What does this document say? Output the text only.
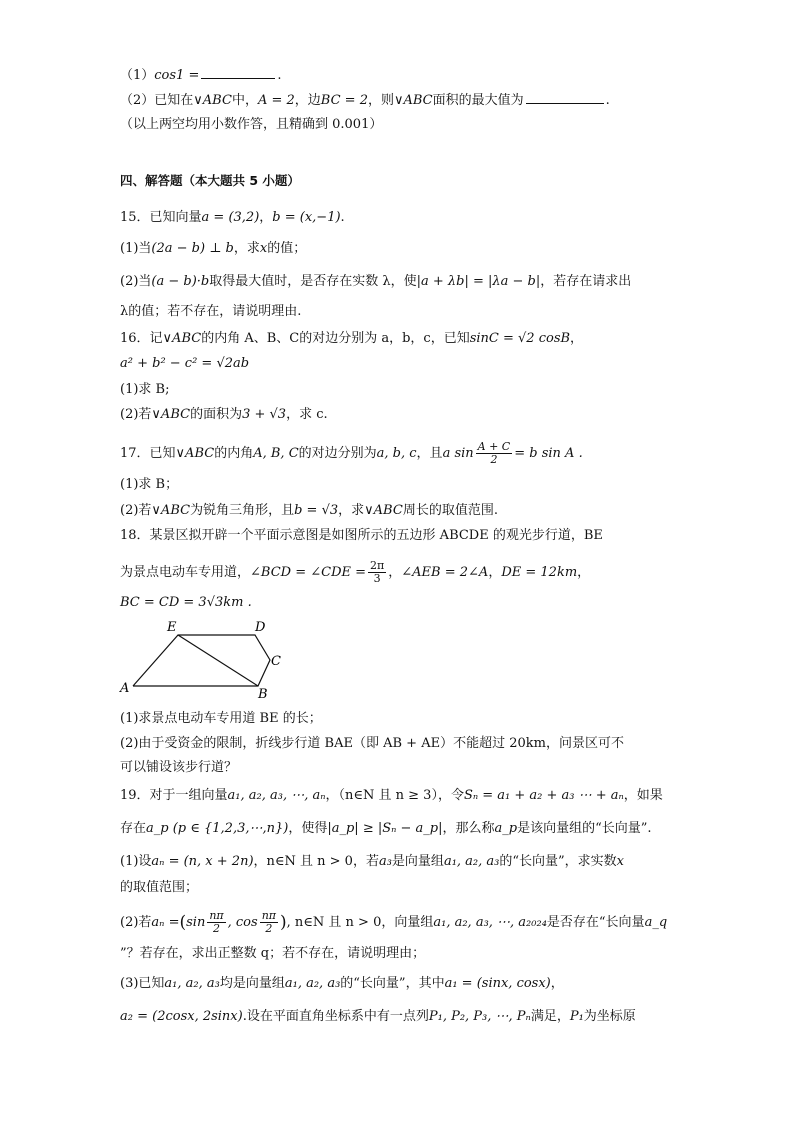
（1）cos1 =	.
（2）已知在∨ABC中，A = 2，边BC = 2，则∨ABC面积的最大值为	.
（以上两空均用小数作答，且精确到 0.001）
四、解答题（本大题共 5 小题）
15．已知向量a = (3,2)，b = (x,−1).
(1)当(2a − b) ⊥ b，求x的值；
(2)当(a − b)·b取得最大值时，是否存在实数 λ，使|a + λb| = |λa − b|，若存在请求出
λ的值；若不存在，请说明理由.
16．记∨ABC的内角 A、B、C的对边分别为 a，b，c，已知sinC = √2 cosB，
a² + b² − c² = √2ab
(1)求 B;
(2)若∨ABC的面积为3 + √3，求 c.
17．已知∨ABC的内角A, B, C的对边分别为a, b, c，且a $\sin \frac{A + C}{2} = b$ sin A .
(1)求 B；
(2)若∨ABC为锐角三角形，且b = √3，求∨ABC周长的取值范围.
18．某景区拟开辟一个平面示意图是如图所示的五边形 ABCDE 的观光步行道，BE
为景点电动车专用道，∠BCD = ∠CDE = $\frac{2\pi}{3}$ ，∠AEB = 2∠A，DE = 12km，
BC = CD = 3√3km .
A	B
C
D
E
(1)求景点电动车专用道 BE 的长；
(2)由于受资金的限制，折线步行道 BAE（即 AB + AE）不能超过 20km，问景区可不
可以铺设该步行道？
19．对于一组向量a₁, a₂, a₃, ⋯, aₙ，（n∈N 且 n ≥ 3），令Sₙ = a₁ + a₂ + a₃ ⋯ + aₙ，如果
存在a_p (p ∈ {1,2,3,⋯,n})，使得|a_p| ≥ |Sₙ − a_p|，那么称a_p是该向量组的“长向量”.
(1)设aₙ = (n, x + 2n)，n∈N 且 n > 0，若a₃是向量组a₁, a₂, a₃的“长向量”，求实数x
的取值范围；
(2)若$a_n =(\sin \frac{n\pi}{2}$ , $\cos \frac{n\pi}{2}$ ), n∈N 且 n > 0，向量组a₁, a₂, a₃, ⋯, a₂₀₂₄是否存在“长向量a_q
”？若存在，求出正整数 q；若不存在，请说明理由；
(3)已知a₁, a₂, a₃均是向量组a₁, a₂, a₃的“长向量”，其中a₁ = (sinx, cosx)，
a₂ = (2cosx, 2sinx).设在平面直角坐标系中有一点列P₁, P₂, P₃, ⋯, Pₙ满足，P₁为坐标原
